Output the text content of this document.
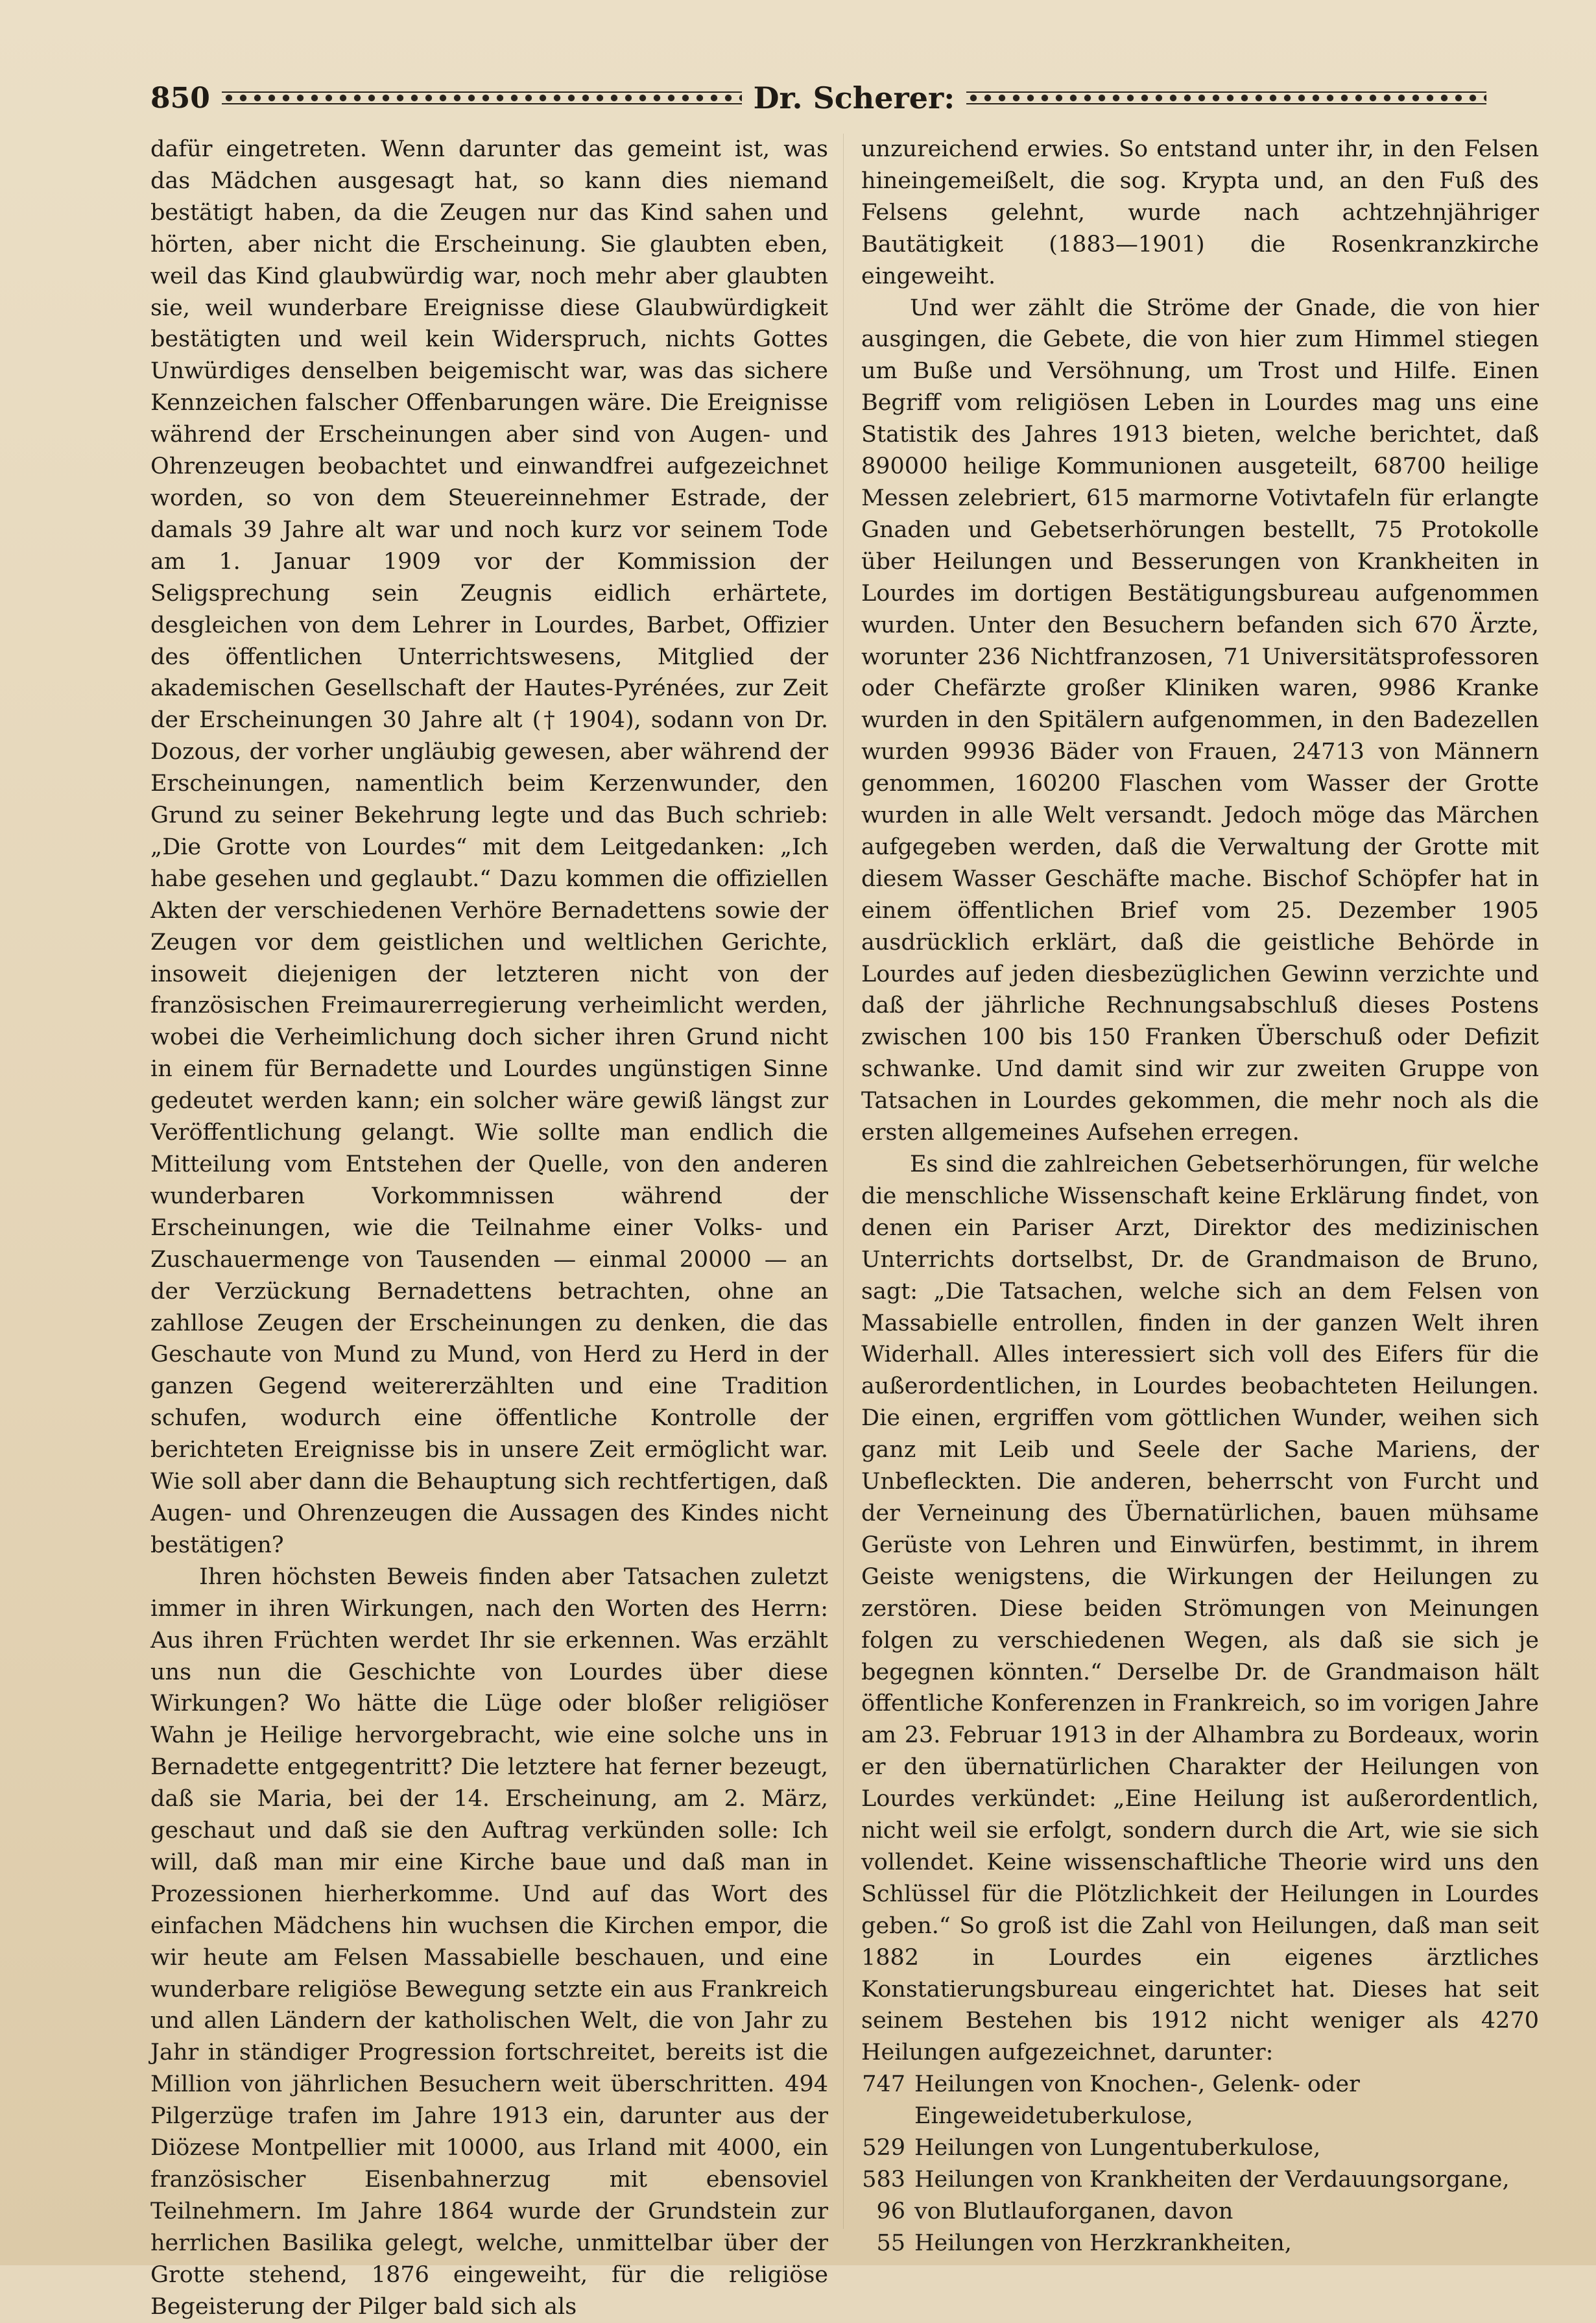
850	Dr. Scherer:

dafür eingetreten. Wenn darunter das gemeint ist, was das Mädchen ausgesagt hat, so kann dies niemand bestätigt haben, da die Zeugen nur das Kind sahen und hörten, aber nicht die Erscheinung. Sie glaubten eben, weil das Kind glaubwürdig war, noch mehr aber glaubten sie, weil wunderbare Ereignisse diese Glaubwürdigkeit bestätigten und weil kein Widerspruch, nichts Gottes Unwürdiges denselben beigemischt war, was das sichere Kennzeichen falscher Offenbarungen wäre. Die Ereignisse während der Erscheinungen aber sind von Augen- und Ohrenzeugen beobachtet und einwandfrei aufgezeichnet worden, so von dem Steuereinnehmer Estrade, der damals 39 Jahre alt war und noch kurz vor seinem Tode am 1. Januar 1909 vor der Kommission der Seligsprechung sein Zeugnis eidlich erhärtete, desgleichen von dem Lehrer in Lourdes, Barbet, Offizier des öffentlichen Unterrichtswesens, Mitglied der akademischen Gesellschaft der Hautes-Pyrénées, zur Zeit der Erscheinungen 30 Jahre alt († 1904), sodann von Dr. Dozous, der vorher ungläubig gewesen, aber während der Erscheinungen, namentlich beim Kerzenwunder, den Grund zu seiner Bekehrung legte und das Buch schrieb: „Die Grotte von Lourdes“ mit dem Leitgedanken: „Ich habe gesehen und geglaubt.“ Dazu kommen die offiziellen Akten der verschiedenen Verhöre Bernadettens sowie der Zeugen vor dem geistlichen und weltlichen Gerichte, insoweit diejenigen der letzteren nicht von der französischen Freimaurerregierung verheimlicht werden, wobei die Verheimlichung doch sicher ihren Grund nicht in einem für Bernadette und Lourdes ungünstigen Sinne gedeutet werden kann; ein solcher wäre gewiß längst zur Veröffentlichung gelangt. Wie sollte man endlich die Mitteilung vom Entstehen der Quelle, von den anderen wunderbaren Vorkommnissen während der Erscheinungen, wie die Teilnahme einer Volks- und Zuschauermenge von Tausenden — einmal 20000 — an der Verzückung Bernadettens betrachten, ohne an zahllose Zeugen der Erscheinungen zu denken, die das Geschaute von Mund zu Mund, von Herd zu Herd in der ganzen Gegend weitererzählten und eine Tradition schufen, wodurch eine öffentliche Kontrolle der berichteten Ereignisse bis in unsere Zeit ermöglicht war. Wie soll aber dann die Behauptung sich rechtfertigen, daß Augen- und Ohrenzeugen die Aussagen des Kindes nicht bestätigen?

Ihren höchsten Beweis finden aber Tatsachen zuletzt immer in ihren Wirkungen, nach den Worten des Herrn: Aus ihren Früchten werdet Ihr sie erkennen. Was erzählt uns nun die Geschichte von Lourdes über diese Wirkungen? Wo hätte die Lüge oder bloßer religiöser Wahn je Heilige hervorgebracht, wie eine solche uns in Bernadette entgegentritt? Die letztere hat ferner bezeugt, daß sie Maria, bei der 14. Erscheinung, am 2. März, geschaut und daß sie den Auftrag verkünden solle: Ich will, daß man mir eine Kirche baue und daß man in Prozessionen hierherkomme. Und auf das Wort des einfachen Mädchens hin wuchsen die Kirchen empor, die wir heute am Felsen Massabielle beschauen, und eine wunderbare religiöse Bewegung setzte ein aus Frankreich und allen Ländern der katholischen Welt, die von Jahr zu Jahr in ständiger Progression fortschreitet, bereits ist die Million von jährlichen Besuchern weit überschritten. 494 Pilgerzüge trafen im Jahre 1913 ein, darunter aus der Diözese Montpellier mit 10000, aus Irland mit 4000, ein französischer Eisenbahnerzug mit ebensoviel Teilnehmern. Im Jahre 1864 wurde der Grundstein zur herrlichen Basilika gelegt, welche, unmittelbar über der Grotte stehend, 1876 eingeweiht, für die religiöse Begeisterung der Pilger bald sich als

unzureichend erwies. So entstand unter ihr, in den Felsen hineingemeißelt, die sog. Krypta und, an den Fuß des Felsens gelehnt, wurde nach achtzehnjähriger Bautätigkeit (1883—1901) die Rosenkranzkirche eingeweiht.

Und wer zählt die Ströme der Gnade, die von hier ausgingen, die Gebete, die von hier zum Himmel stiegen um Buße und Versöhnung, um Trost und Hilfe. Einen Begriff vom religiösen Leben in Lourdes mag uns eine Statistik des Jahres 1913 bieten, welche berichtet, daß 890000 heilige Kommunionen ausgeteilt, 68700 heilige Messen zelebriert, 615 marmorne Votivtafeln für erlangte Gnaden und Gebetserhörungen bestellt, 75 Protokolle über Heilungen und Besserungen von Krankheiten in Lourdes im dortigen Bestätigungsbureau aufgenommen wurden. Unter den Besuchern befanden sich 670 Ärzte, worunter 236 Nichtfranzosen, 71 Universitätsprofessoren oder Chefärzte großer Kliniken waren, 9986 Kranke wurden in den Spitälern aufgenommen, in den Badezellen wurden 99936 Bäder von Frauen, 24713 von Männern genommen, 160200 Flaschen vom Wasser der Grotte wurden in alle Welt versandt. Jedoch möge das Märchen aufgegeben werden, daß die Verwaltung der Grotte mit diesem Wasser Geschäfte mache. Bischof Schöpfer hat in einem öffentlichen Brief vom 25. Dezember 1905 ausdrücklich erklärt, daß die geistliche Behörde in Lourdes auf jeden diesbezüglichen Gewinn verzichte und daß der jährliche Rechnungsabschluß dieses Postens zwischen 100 bis 150 Franken Überschuß oder Defizit schwanke. Und damit sind wir zur zweiten Gruppe von Tatsachen in Lourdes gekommen, die mehr noch als die ersten allgemeines Aufsehen erregen.

Es sind die zahlreichen Gebetserhörungen, für welche die menschliche Wissenschaft keine Erklärung findet, von denen ein Pariser Arzt, Direktor des medizinischen Unterrichts dortselbst, Dr. de Grandmaison de Bruno, sagt: „Die Tatsachen, welche sich an dem Felsen von Massabielle entrollen, finden in der ganzen Welt ihren Widerhall. Alles interessiert sich voll des Eifers für die außerordentlichen, in Lourdes beobachteten Heilungen. Die einen, ergriffen vom göttlichen Wunder, weihen sich ganz mit Leib und Seele der Sache Mariens, der Unbefleckten. Die anderen, beherrscht von Furcht und der Verneinung des Übernatürlichen, bauen mühsame Gerüste von Lehren und Einwürfen, bestimmt, in ihrem Geiste wenigstens, die Wirkungen der Heilungen zu zerstören. Diese beiden Strömungen von Meinungen folgen zu verschiedenen Wegen, als daß sie sich je begegnen könnten.“ Derselbe Dr. de Grandmaison hält öffentliche Konferenzen in Frankreich, so im vorigen Jahre am 23. Februar 1913 in der Alhambra zu Bordeaux, worin er den übernatürlichen Charakter der Heilungen von Lourdes verkündet: „Eine Heilung ist außerordentlich, nicht weil sie erfolgt, sondern durch die Art, wie sie sich vollendet. Keine wissenschaftliche Theorie wird uns den Schlüssel für die Plötzlichkeit der Heilungen in Lourdes geben.“ So groß ist die Zahl von Heilungen, daß man seit 1882 in Lourdes ein eigenes ärztliches Konstatierungsbureau eingerichtet hat. Dieses hat seit seinem Bestehen bis 1912 nicht weniger als 4270 Heilungen aufgezeichnet, darunter:

747 Heilungen von Knochen-, Gelenk- oder Eingeweidetuberkulose,
529 Heilungen von Lungentuberkulose,
583 Heilungen von Krankheiten der Verdauungsorgane,
96 von Blutlauforganen, davon
55 Heilungen von Herzkrankheiten,
